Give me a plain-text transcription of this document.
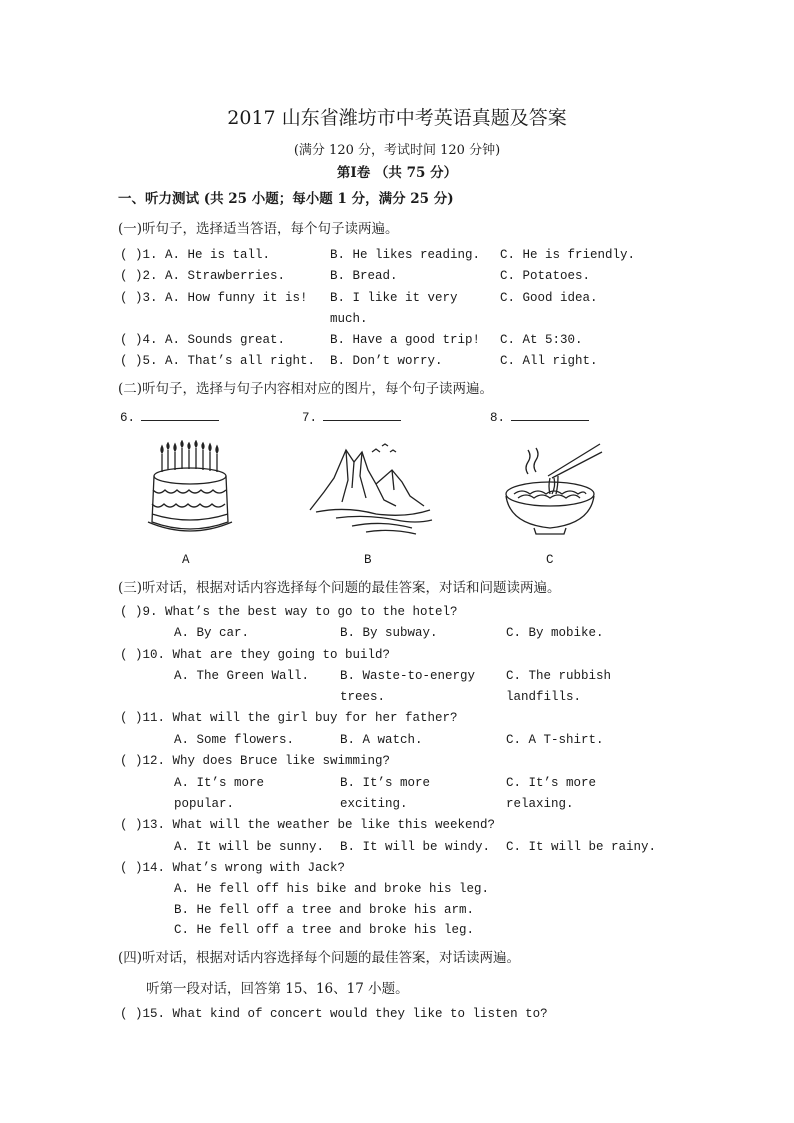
2017 山东省潍坊市中考英语真题及答案
(满分 120 分，考试时间 120 分钟)
第Ⅰ卷 （共 75 分）
一、听力测试 (共 25 小题；每小题 1 分，满分 25 分)
(一)听句子，选择适当答语，每个句子读两遍。
( )1. A. He is tall.	B. He likes reading. C. He is friendly.
( )2. A. Strawberries.	B. Bread.	C. Potatoes.
( )3. A. How funny it is! B. I like it very
much.
C. Good idea.
( )4. A. Sounds great.	B. Have a good trip! C. At 5:30.
( )5. A. That’s all right. B. Don’t worry.	C. All right.
(二)听句子，选择与句子内容相对应的图片，每个句子读两遍。
6.	7.	8.
A	B	C
(三)听对话，根据对话内容选择每个问题的最佳答案，对话和问题读两遍。
( )9. What’s the best way to go to the hotel?
A. By car.	B. By subway.	C. By mobike.
( )10. What are they going to build?
A. The Green Wall. B. Waste-to-energy
trees.
C. The rubbish
landfills.
( )11. What will the girl buy for her father?
A. Some flowers.	B. A watch.	C. A T-shirt.
( )12. Why does Bruce like swimming?
A. It’s more
popular.
B. It’s more
exciting.
C. It’s more
relaxing.
( )13. What will the weather be like this weekend?
A. It will be sunny. B. It will be windy. C. It will be rainy.
( )14. What’s wrong with Jack?
A. He fell off his bike and broke his leg.
B. He fell off a tree and broke his arm.
C. He fell off a tree and broke his leg.
(四)听对话，根据对话内容选择每个问题的最佳答案，对话读两遍。
听第一段对话，回答第 15、16、17 小题。
( )15. What kind of concert would they like to listen to?
